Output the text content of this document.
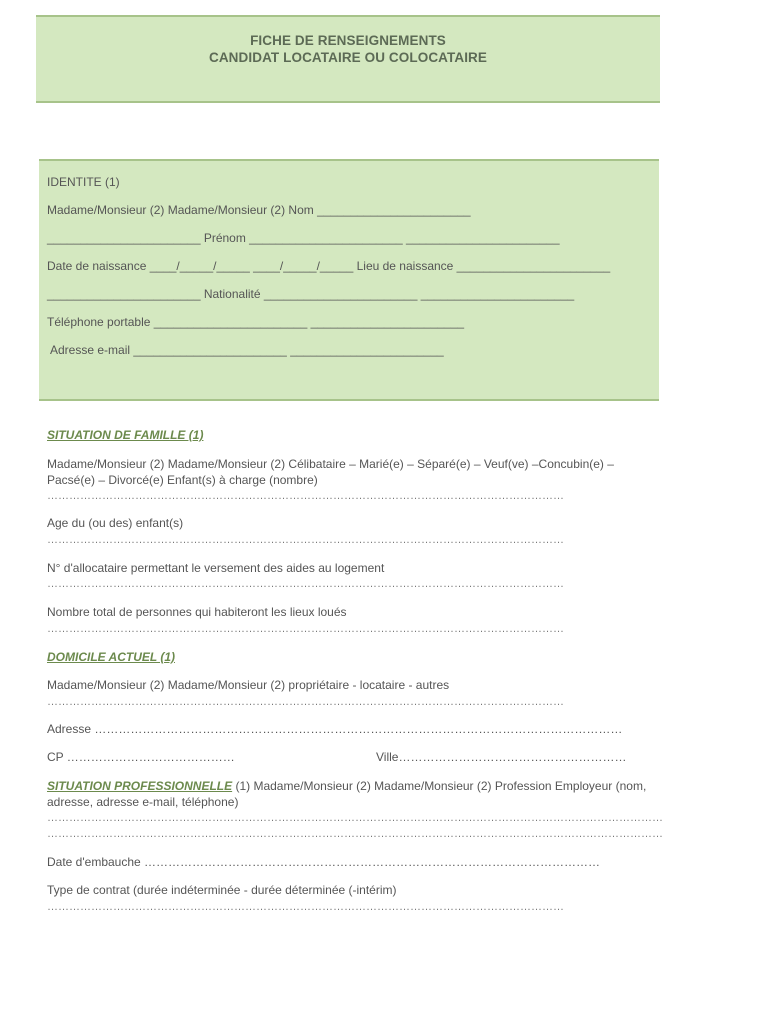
FICHE DE RENSEIGNEMENTS
CANDIDAT LOCATAIRE OU COLOCATAIRE
IDENTITE (1)
Madame/Monsieur (2) Madame/Monsieur (2) Nom _______________________
_______________________ Prénom _______________________ _______________________
Date de naissance ____/_____/_____ ____/_____/_____ Lieu de naissance _______________________
_______________________ Nationalité _______________________ _______________________
Téléphone portable _______________________ _______________________
Adresse e-mail _______________________ _______________________
SITUATION DE FAMILLE (1)
Madame/Monsieur (2) Madame/Monsieur (2) Célibataire – Marié(e) – Séparé(e) – Veuf(ve) –Concubin(e) –
Pacsé(e) – Divorcé(e) Enfant(s) à charge (nombre)
……………………………………………………………………………………………………………………………
Age du (ou des) enfant(s)
……………………………………………………………………………………………………………………………
N° d'allocataire permettant le versement des aides au logement
……………………………………………………………………………………………………………………………
Nombre total de personnes qui habiteront les lieux loués
……………………………………………………………………………………………………………………………
DOMICILE ACTUEL (1)
Madame/Monsieur (2) Madame/Monsieur (2) propriétaire - locataire - autres
……………………………………………………………………………………………………………………………
Adresse ……………………………………………………………………………………………………………………
CP ……………………………………	Ville…………………………………………………
SITUATION PROFESSIONNELLE (1) Madame/Monsieur (2) Madame/Monsieur (2) Profession Employeur (nom,
adresse, adresse e-mail, téléphone)
……………………………………………………………………………………………………………………………………………………
……………………………………………………………………………………………………………………………………………………
Date d'embauche ……………………………………………………………………………………………………
Type de contrat (durée indéterminée - durée déterminée (-intérim)
……………………………………………………………………………………………………………………………
